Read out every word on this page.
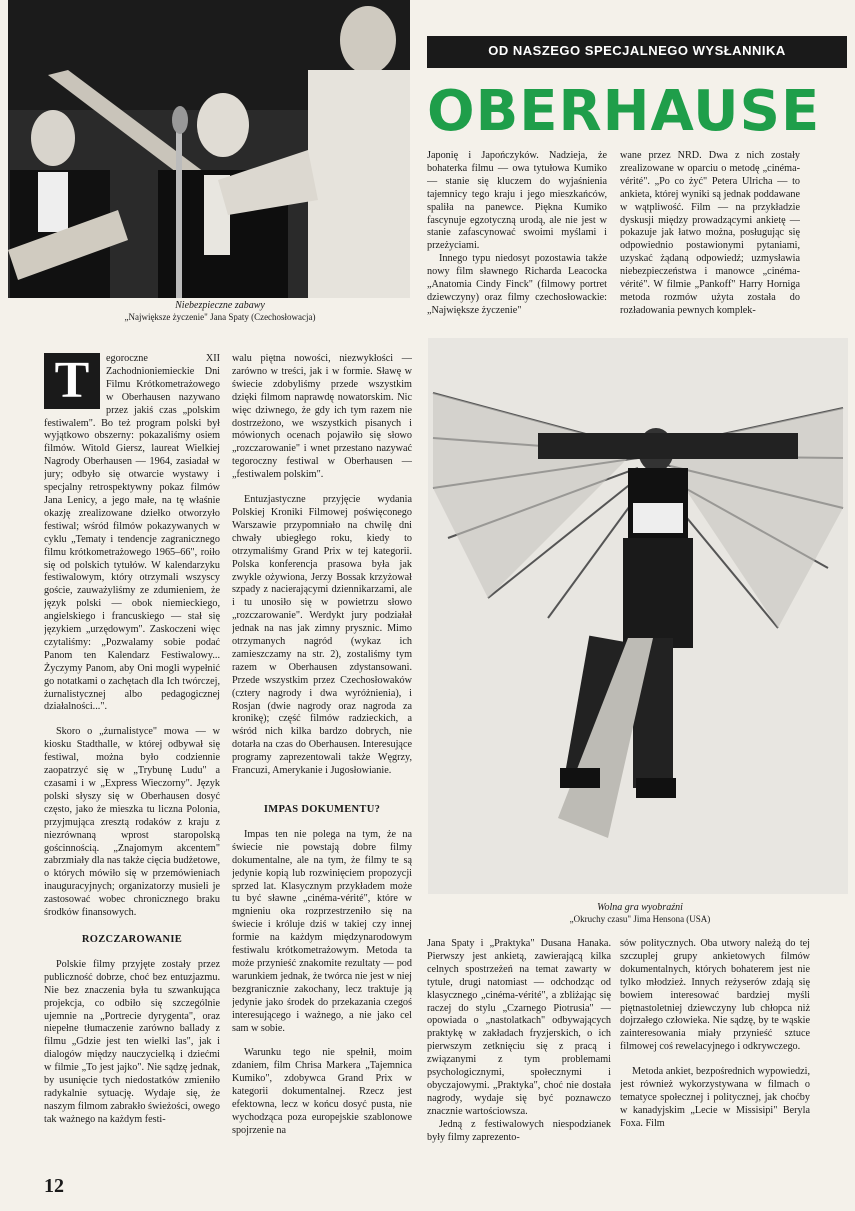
Niebezpieczne zabawy
„Największe życzenie" Jana Spaty (Czechosłowacja)
OD NASZEGO SPECJALNEGO WYSŁANNIKA
OBERHAUSE
Wolna gra wyobraźni
„Okruchy czasu" Jima Hensona (USA)
T	egoroczne XII Zachodnioniemieckie Dni Filmu Krótkometrażowego w Oberhausen nazywano przez jakiś czas „polskim festiwalem". Bo też program polski był wyjątkowo obszerny: pokazaliśmy osiem filmów. Witold Giersz, laureat Wielkiej Nagrody Oberhausen — 1964, zasiadał w jury; odbyło się otwarcie wystawy i specjalny retrospektywny pokaz filmów Jana Lenicy, a jego małe, na tę właśnie okazję zrealizowane dziełko otworzyło festiwal; wśród filmów pokazywanych w cyklu „Tematy i tendencje zagranicznego filmu krótkometrażowego 1965–66", roiło się od polskich tytułów. W kalendarzyku festiwalowym, który otrzymali wszyscy goście, zauważyliśmy ze zdumieniem, że język polski — obok niemieckiego, angielskiego i francuskiego — stał się językiem „urzędowym". Zaskoczeni więc czytaliśmy: „Pozwalamy sobie podać Panom ten Kalendarz Festiwalowy... Życzymy Panom, aby Oni mogli wypełnić go notatkami o zachętach dla Ich twórczej, żurnalistycznej albo pedagogicznej działalności...".

Skoro o „żurnalistyce" mowa — w kiosku Stadthalle, w której odbywał się festiwal, można było codziennie zaopatrzyć się w „Trybunę Ludu" a czasami i w „Express Wieczorny". Język polski słyszy się w Oberhausen dosyć często, jako że mieszka tu liczna Polonia, przyjmująca zresztą rodaków z kraju z niezrównaną wprost staropolską gościnnością. „Znajomym akcentem" zabrzmiały dla nas także cięcia budżetowe, o których mówiło się w przemówieniach inauguracyjnych; organizatorzy musieli je zastosować wobec chronicznego braku środków finansowych.

ROZCZAROWANIE

Polskie filmy przyjęte zostały przez publiczność dobrze, choć bez entuzjazmu. Nie bez znaczenia była tu szwankująca projekcja, co odbiło się szczególnie ujemnie na „Portrecie dyrygenta", oraz niepełne tłumaczenie zarówno ballady z filmu „Gdzie jest ten wielki las", jak i dialogów między nauczycielką i dziećmi w filmie „To jest jajko". Nie sądzę jednak, by usunięcie tych niedostatków zmieniło radykalnie sytuację. Wydaje się, że naszym filmom zabrakło świeżości, owego tak ważnego na każdym festi-

walu piętna nowości, niezwykłości — zarówno w treści, jak i w formie. Sławę w świecie zdobyliśmy przede wszystkim dzięki filmom naprawdę nowatorskim. Nic więc dziwnego, że gdy ich tym razem nie dostrzeżono, we wszystkich pisanych i mówionych ocenach pojawiło się słowo „rozczarowanie" i wnet przestano nazywać tegoroczny festiwal w Oberhausen — „festiwalem polskim".

Entuzjastyczne przyjęcie wydania Polskiej Kroniki Filmowej poświęconego Warszawie przypomniało na chwilę dni chwały ubiegłego roku, kiedy to otrzymaliśmy Grand Prix w tej kategorii. Polska konferencja prasowa była jak zwykle ożywiona, Jerzy Bossak krzyżował szpady z nacierającymi dziennikarzami, ale i tu unosiło się w powietrzu słowo „rozczarowanie". Werdykt jury podziałał jednak na nas jak zimny prysznic. Mimo otrzymanych nagród (wykaz ich zamieszczamy na str. 2), zostaliśmy tym razem w Oberhausen zdystansowani. Przede wszystkim przez Czechosłowaków (cztery nagrody i dwa wyróżnienia), i Rosjan (dwie nagrody oraz nagroda za kronikę); część filmów radzieckich, a wśród nich kilka bardzo dobrych, nie dotarła na czas do Oberhausen. Interesujące programy zaprezentowali także Węgrzy, Francuzi, Amerykanie i Jugosłowianie.

IMPAS DOKUMENTU?

Impas ten nie polega na tym, że na świecie nie powstają dobre filmy dokumentalne, ale na tym, że filmy te są jedynie kopią lub rozwinięciem propozycji sprzed lat. Klasycznym przykładem może tu być sławne „cinéma-vérité", które w mgnieniu oka rozprzestrzeniło się na świecie i króluje dziś w takiej czy innej formie na każdym międzynarodowym festiwalu krótkometrażowym. Metoda ta może przynieść znakomite rezultaty — pod warunkiem jednak, że twórca nie jest w niej bezgranicznie zakochany, lecz traktuje ją jedynie jako środek do przekazania czegoś interesującego i ważnego, a nie jako cel sam w sobie.

Warunku tego nie spełnił, moim zdaniem, film Chrisa Markera „Tajemnica Kumiko", zdobywca Grand Prix w kategorii dokumentalnej. Rzecz jest efektowna, lecz w końcu dosyć pusta, nie wychodząca poza europejskie szablonowe spojrzenie na

Japonię i Japończyków. Nadzieja, że bohaterka filmu — owa tytułowa Kumiko — stanie się kluczem do wyjaśnienia tajemnicy tego kraju i jego mieszkańców, spaliła na panewce. Piękna Kumiko fascynuje egzotyczną urodą, ale nie jest w stanie zafascynować swoimi myślami i przeżyciami.

Innego typu niedosyt pozostawia także nowy film sławnego Richarda Leacocka „Anatomia Cindy Finck" (filmowy portret dziewczyny) oraz filmy czechosłowackie: „Największe życzenie"

wane przez NRD. Dwa z nich zostały zrealizowane w oparciu o metodę „cinéma-vérité". „Po co żyć" Petera Ulricha — to ankieta, której wyniki są jednak poddawane w wątpliwość. Film — na przykładzie dyskusji między prowadzącymi ankietę — pokazuje jak łatwo można, posługując się odpowiednio postawionymi pytaniami, uzyskać żądaną odpowiedź; uzmysławia niebezpieczeństwa i manowce „cinéma-vérité". W filmie „Pankoff" Harry Horniga metoda rozmów użyta została do rozładowania pewnych komplek-

Jana Spaty i „Praktyka" Dusana Hanaka. Pierwszy jest ankietą, zawierającą kilka celnych spostrzeżeń na temat zawarty w tytule, drugi natomiast — odchodząc od klasycznego „cinéma-vérité", a zbliżając się raczej do stylu „Czarnego Piotrusia" — opowiada o „nastolatkach" odbywających praktykę w zakładach fryzjerskich, o ich pierwszym zetknięciu się z pracą i związanymi z tym problemami psychologicznymi, społecznymi i obyczajowymi. „Praktyka", choć nie dostała nagrody, wydaje się być poznawczo znacznie wartościowsza.

Jedną z festiwalowych niespodzianek były filmy zaprezento-

sów politycznych. Oba utwory należą do tej szczuplej grupy ankietowych filmów dokumentalnych, których bohaterem jest nie tylko młodzież. Innych reżyserów zdają się bowiem interesować bardziej myśli piętnastoletniej dziewczyny lub chłopca niż dojrzałego człowieka. Nie sądzę, by te wąskie zainteresowania miały przynieść sztuce filmowej coś rewelacyjnego i odkrywczego.

Metoda ankiet, bezpośrednich wypowiedzi, jest również wykorzystywana w filmach o tematyce społecznej i politycznej, jak choćby w kanadyjskim „Lecie w Missisipi" Beryla Foxa. Film

12
